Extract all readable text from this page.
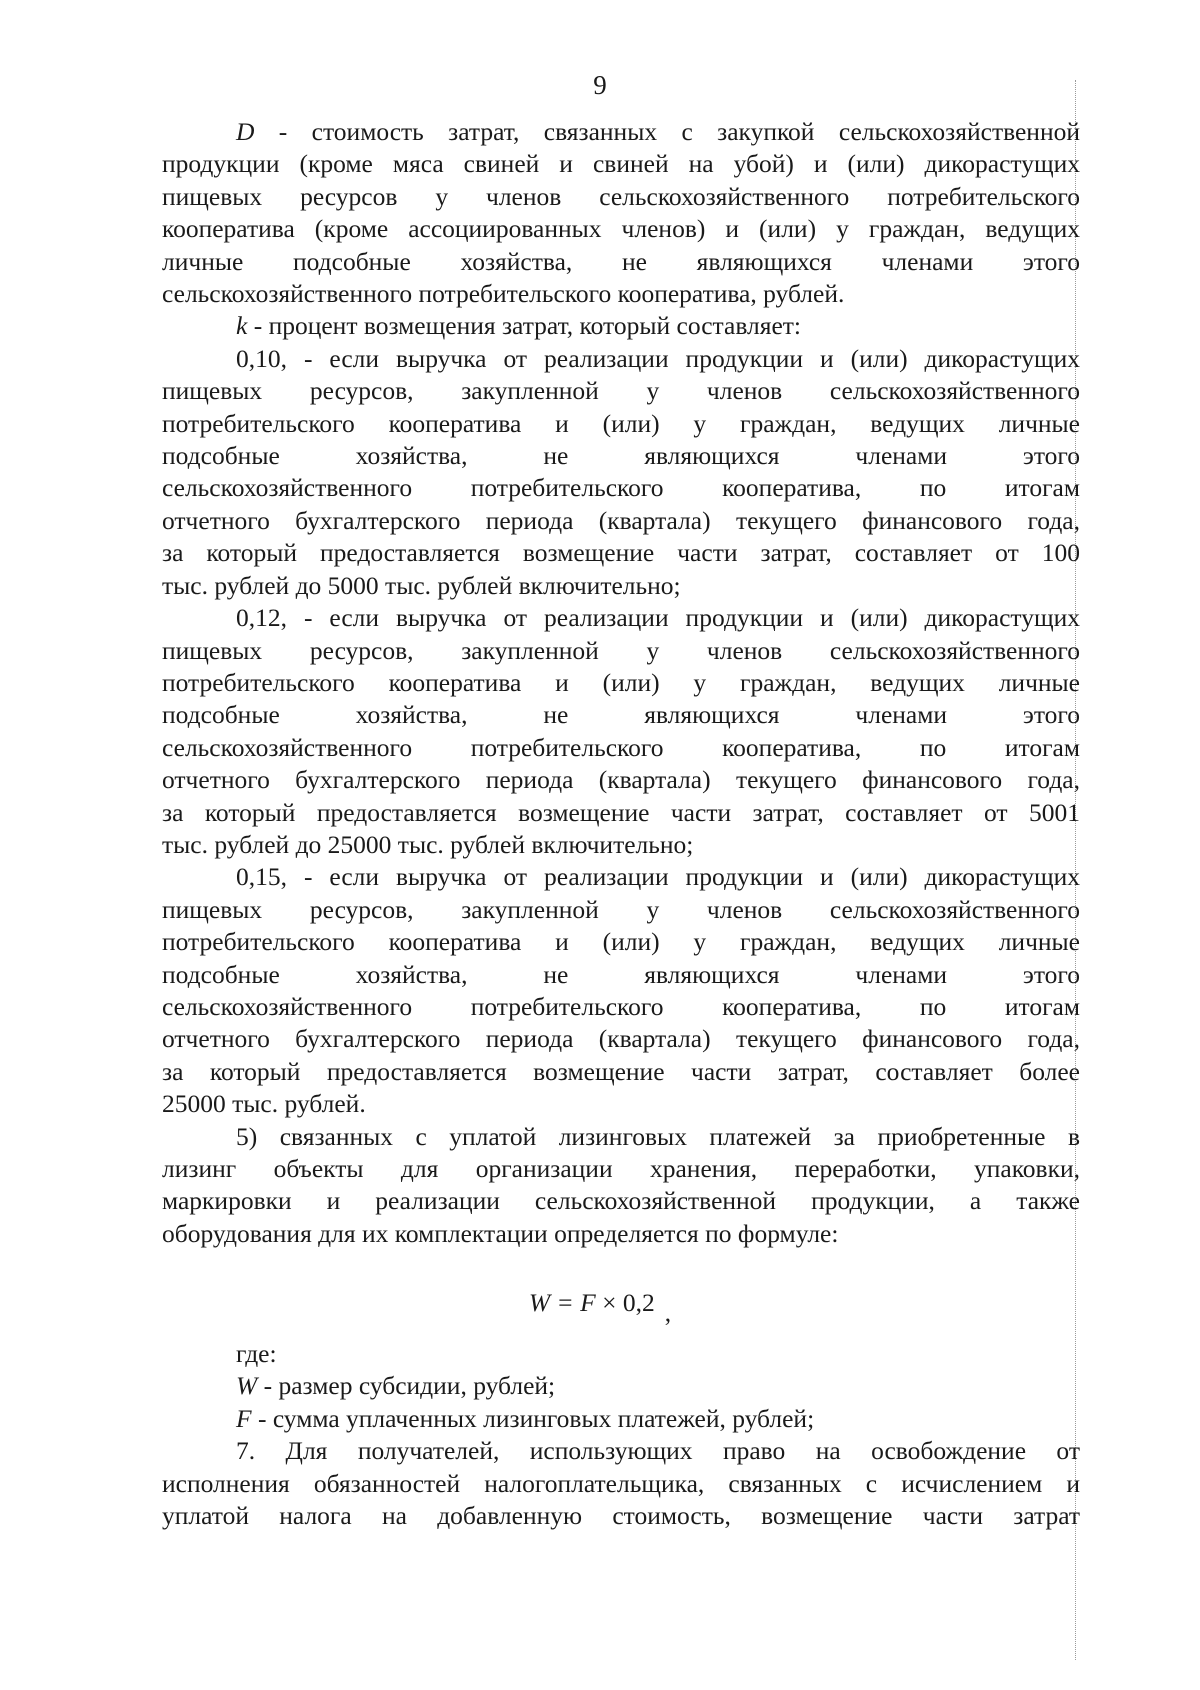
9

D - стоимость затрат, связанных с закупкой сельскохозяйственной

продукции (кроме мяса свиней и свиней на убой) и (или) дикорастущих

пищевых ресурсов у членов сельскохозяйственного потребительского

кооператива (кроме ассоциированных членов) и (или) у граждан, ведущих

личные подсобные хозяйства, не являющихся членами этого

сельскохозяйственного потребительского кооператива, рублей.

k - процент возмещения затрат, который составляет:

0,10, - если выручка от реализации продукции и (или) дикорастущих

пищевых ресурсов, закупленной у членов сельскохозяйственного

потребительского кооператива и (или) у граждан, ведущих личные

подсобные хозяйства, не являющихся членами этого

сельскохозяйственного потребительского кооператива, по итогам

отчетного бухгалтерского периода (квартала) текущего финансового года,

за который предоставляется возмещение части затрат, составляет от 100

тыс. рублей до 5000 тыс. рублей включительно;

0,12, - если выручка от реализации продукции и (или) дикорастущих

пищевых ресурсов, закупленной у членов сельскохозяйственного

потребительского кооператива и (или) у граждан, ведущих личные

подсобные хозяйства, не являющихся членами этого

сельскохозяйственного потребительского кооператива, по итогам

отчетного бухгалтерского периода (квартала) текущего финансового года,

за который предоставляется возмещение части затрат, составляет от 5001

тыс. рублей до 25000 тыс. рублей включительно;

0,15, - если выручка от реализации продукции и (или) дикорастущих

пищевых ресурсов, закупленной у членов сельскохозяйственного

потребительского кооператива и (или) у граждан, ведущих личные

подсобные хозяйства, не являющихся членами этого

сельскохозяйственного потребительского кооператива, по итогам

отчетного бухгалтерского периода (квартала) текущего финансового года,

за который предоставляется возмещение части затрат, составляет более

25000 тыс. рублей.

5) связанных с уплатой лизинговых платежей за приобретенные в

лизинг объекты для организации хранения, переработки, упаковки,

маркировки и реализации сельскохозяйственной продукции, а также

оборудования для их комплектации определяется по формуле:

W = F × 0,2 ,

где:

W - размер субсидии, рублей;

F - сумма уплаченных лизинговых платежей, рублей;

7. Для получателей, использующих право на освобождение от

исполнения обязанностей налогоплательщика, связанных с исчислением и

уплатой налога на добавленную стоимость, возмещение части затрат
